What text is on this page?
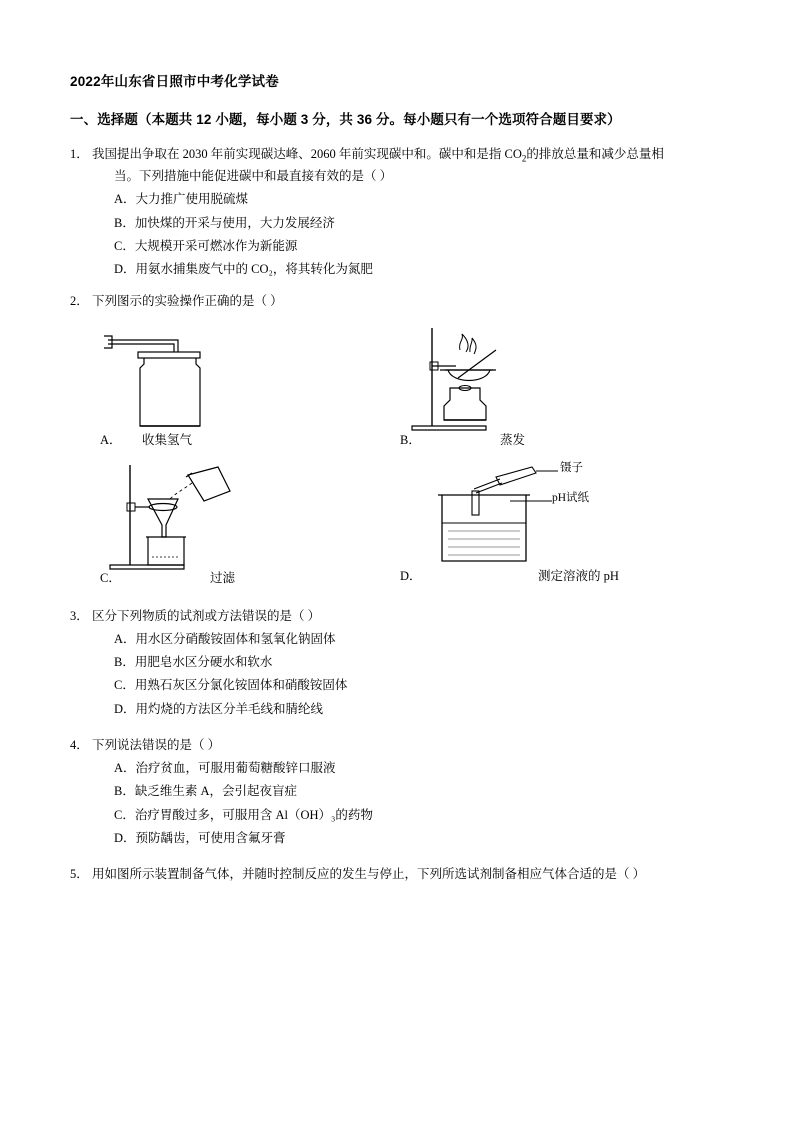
2022年山东省日照市中考化学试卷
一、选择题（本题共 12 小题，每小题 3 分，共 36 分。每小题只有一个选项符合题目要求）
1． 我国提出争取在 2030 年前实现碳达峰、2060 年前实现碳中和。碳中和是指 $CO_2$的排放总量和减少总量相
当。下列措施中能促进碳中和最直接有效的是（ ）
A．大力推广使用脱硫煤
B．加快煤的开采与使用，大力发展经济
C．大规模开采可燃冰作为新能源
D．用氨水捕集废气中的 CO₂，将其转化为氮肥
2． 下列图示的实验操作正确的是（ ）
A． 收集氢气	B．	蒸发
C．	过滤	D．	测定溶液的 pH
镊子
pH试纸
3． 区分下列物质的试剂或方法错误的是（ ）
A．用水区分硝酸铵固体和氢氧化钠固体
B．用肥皂水区分硬水和软水
C．用熟石灰区分氯化铵固体和硝酸铵固体
D．用灼烧的方法区分羊毛线和腈纶线
4． 下列说法错误的是（ ）
A．治疗贫血，可服用葡萄糖酸锌口服液
B．缺乏维生素 A，会引起夜盲症
C．治疗胃酸过多，可服用含 Al（OH）₃的药物
D．预防龋齿，可使用含氟牙膏
5． 用如图所示装置制备气体，并随时控制反应的发生与停止，下列所选试剂制备相应气体合适的是（ ）
